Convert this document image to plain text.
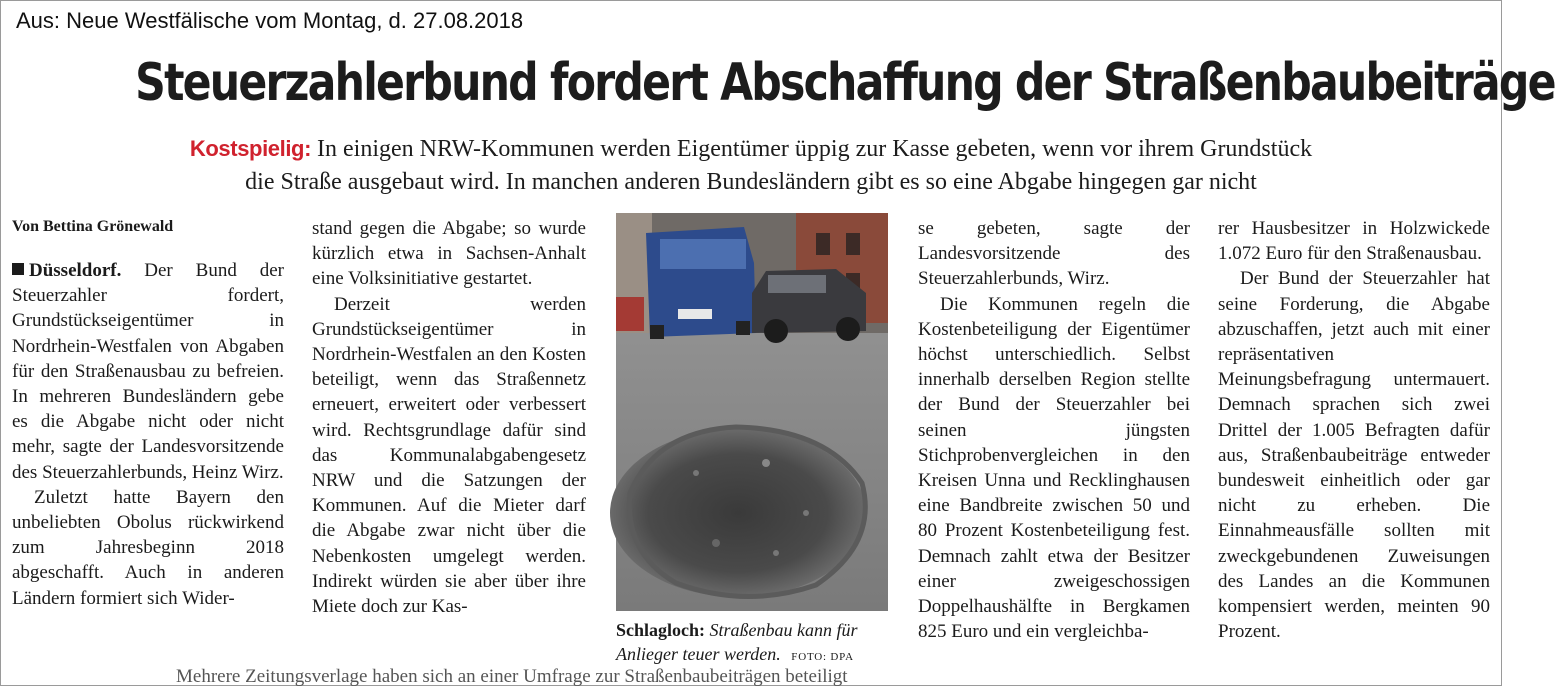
Aus: Neue Westfälische vom Montag, d. 27.08.2018
Steuerzahlerbund fordert Abschaffung der Straßenbaubeiträge
Kostspielig: In einigen NRW-Kommunen werden Eigentümer üppig zur Kasse gebeten, wenn vor ihrem Grundstück
die Straße ausgebaut wird. In manchen anderen Bundesländern gibt es so eine Abgabe hingegen gar nicht

Von Bettina Grönewald

Düsseldorf. Der Bund der Steuerzahler fordert, Grundstückseigentümer in Nordrhein-Westfalen von Abgaben für den Straßenausbau zu befreien. In mehreren Bundesländern gebe es die Abgabe nicht oder nicht mehr, sagte der Landesvorsitzende des Steuerzahlerbunds, Heinz Wirz.

Zuletzt hatte Bayern den unbeliebten Obolus rückwirkend zum Jahresbeginn 2018 abgeschafft. Auch in anderen Ländern formiert sich Wider-

stand gegen die Abgabe; so wurde kürzlich etwa in Sachsen-Anhalt eine Volksinitiative gestartet.

Derzeit werden Grundstückseigentümer in Nordrhein-Westfalen an den Kosten beteiligt, wenn das Straßennetz erneuert, erweitert oder verbessert wird. Rechtsgrundlage dafür sind das Kommunalabgabengesetz NRW und die Satzungen der Kommunen. Auf die Mieter darf die Abgabe zwar nicht über die Nebenkosten umgelegt werden. Indirekt würden sie aber über ihre Miete doch zur Kas-

Schlagloch: Straßenbau kann für Anlieger teuer werden. FOTO: DPA

se gebeten, sagte der Landesvorsitzende des Steuerzahlerbunds, Wirz.

Die Kommunen regeln die Kostenbeteiligung der Eigentümer höchst unterschiedlich. Selbst innerhalb derselben Region stellte der Bund der Steuerzahler bei seinen jüngsten Stichprobenvergleichen in den Kreisen Unna und Recklinghausen eine Bandbreite zwischen 50 und 80 Prozent Kostenbeteiligung fest. Demnach zahlt etwa der Besitzer einer zweigeschossigen Doppelhaushälfte in Bergkamen 825 Euro und ein vergleichba-

rer Hausbesitzer in Holzwickede 1.072 Euro für den Straßenausbau.

Der Bund der Steuerzahler hat seine Forderung, die Abgabe abzuschaffen, jetzt auch mit einer repräsentativen Meinungsbefragung untermauert. Demnach sprachen sich zwei Drittel der 1.005 Befragten dafür aus, Straßenbaubeiträge entweder bundesweit einheitlich oder gar nicht zu erheben. Die Einnahmeausfälle sollten mit zweckgebundenen Zuweisungen des Landes an die Kommunen kompensiert werden, meinten 90 Prozent.

Mehrere Zeitungsverlage haben sich an einer Umfrage zur Straßenbaubeiträgen beteiligt
